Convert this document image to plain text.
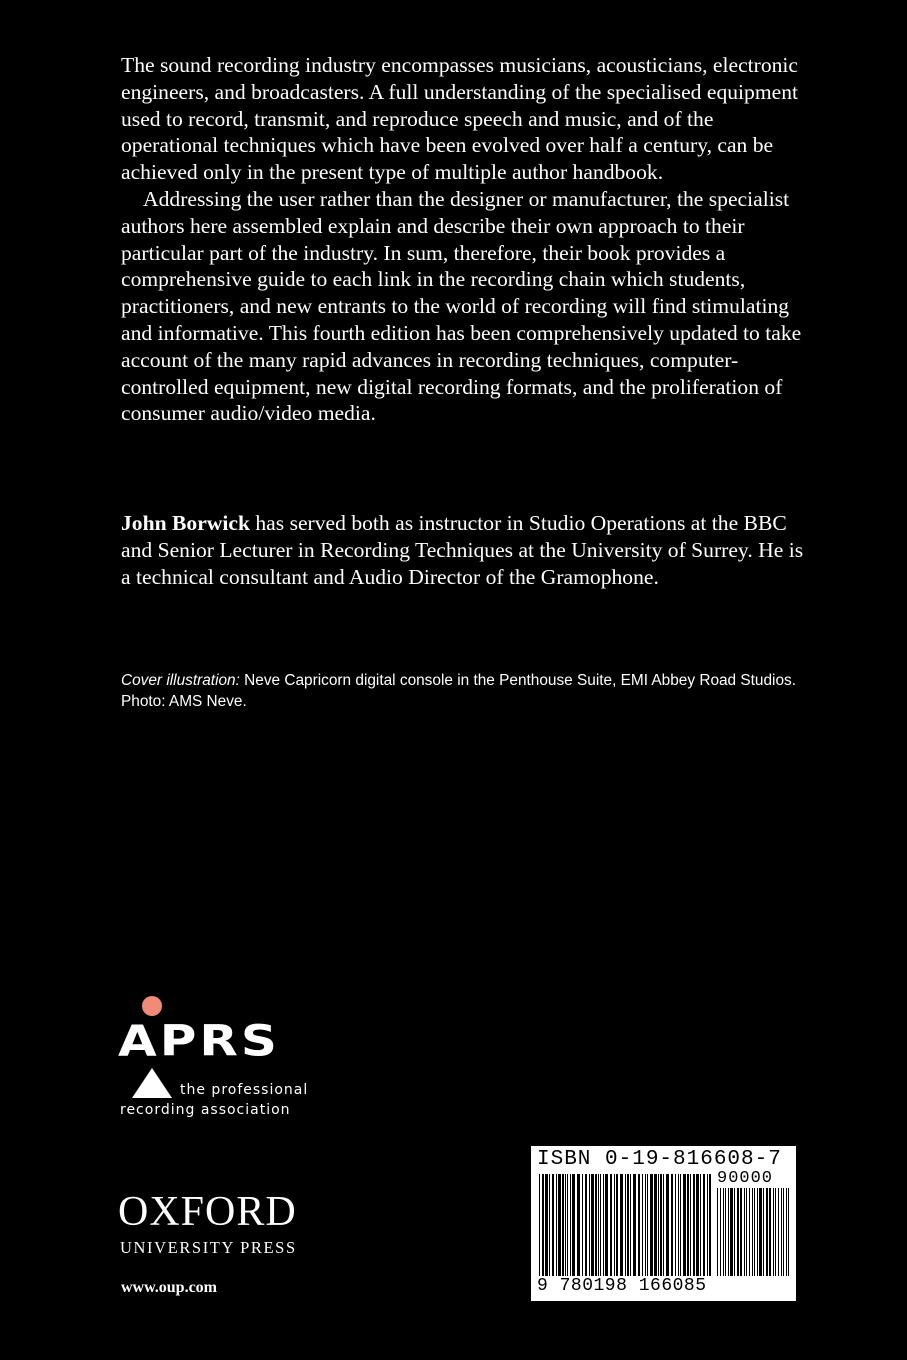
The sound recording industry encompasses musicians, acousticians, electronic engineers, and broadcasters. A full understanding of the specialised equipment used to record, transmit, and reproduce speech and music, and of the operational techniques which have been evolved over half a century, can be achieved only in the present type of multiple author handbook.

Addressing the user rather than the designer or manufacturer, the specialist authors here assembled explain and describe their own approach to their particular part of the industry. In sum, therefore, their book provides a comprehensive guide to each link in the recording chain which students, practitioners, and new entrants to the world of recording will find stimulating and informative. This fourth edition has been comprehensively updated to take account of the many rapid advances in recording techniques, computer-controlled equipment, new digital recording formats, and the proliferation of consumer audio/video media.

John Borwick has served both as instructor in Studio Operations at the BBC and Senior Lecturer in Recording Techniques at the University of Surrey. He is a technical consultant and Audio Director of the Gramophone.

Cover illustration: Neve Capricorn digital console in the Penthouse Suite, EMI Abbey Road Studios. Photo: AMS Neve.

APRS
the professional
recording association

OXFORD

UNIVERSITY PRESS

www.oup.com

ISBN 0-19-816608-7

90000
9 780198 166085
